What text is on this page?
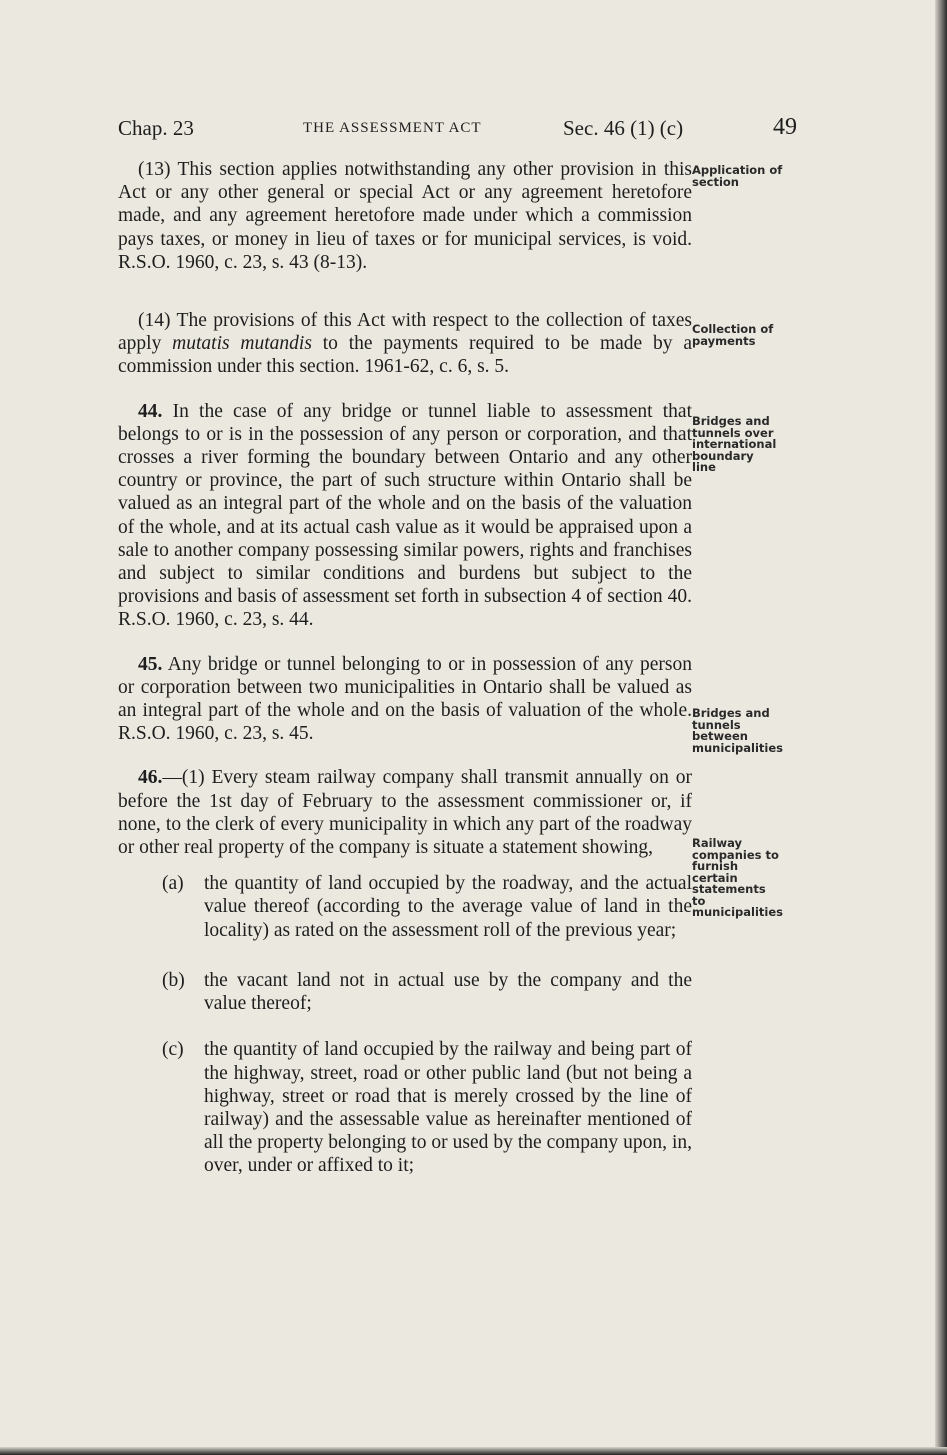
Chap. 23	THE ASSESSMENT ACT	Sec. 46 (1) (c)	49

(13) This section applies notwithstanding any other provision in this Act or any other general or special Act or any agreement heretofore made, and any agreement heretofore made under which a commission pays taxes, or money in lieu of taxes or for municipal services, is void. R.S.O. 1960, c. 23, s. 43 (8-13).

(14) The provisions of this Act with respect to the collection of taxes apply mutatis mutandis to the payments required to be made by a commission under this section. 1961-62, c. 6, s. 5.

44. In the case of any bridge or tunnel liable to assessment that belongs to or is in the possession of any person or corporation, and that crosses a river forming the boundary between Ontario and any other country or province, the part of such structure within Ontario shall be valued as an integral part of the whole and on the basis of the valuation of the whole, and at its actual cash value as it would be appraised upon a sale to another company possessing similar powers, rights and franchises and subject to similar conditions and burdens but subject to the provisions and basis of assessment set forth in subsection 4 of section 40. R.S.O. 1960, c. 23, s. 44.

45. Any bridge or tunnel belonging to or in possession of any person or corporation between two municipalities in Ontario shall be valued as an integral part of the whole and on the basis of valuation of the whole. R.S.O. 1960, c. 23, s. 45.

46.—(1) Every steam railway company shall transmit annually on or before the 1st day of February to the assessment commissioner or, if none, to the clerk of every municipality in which any part of the roadway or other real property of the company is situate a statement showing,

(a) the quantity of land occupied by the roadway, and the actual value thereof (according to the average value of land in the locality) as rated on the assessment roll of the previous year;

(b) the vacant land not in actual use by the company and the value thereof;

(c) the quantity of land occupied by the railway and being part of the highway, street, road or other public land (but not being a highway, street or road that is merely crossed by the line of railway) and the assessable value as hereinafter mentioned of all the property belonging to or used by the company upon, in, over, under or affixed to it;

Application of section
Collection of payments
Bridges and tunnels over international boundary line
Bridges and tunnels between municipalities
Railway companies to furnish certain statements to municipalities
